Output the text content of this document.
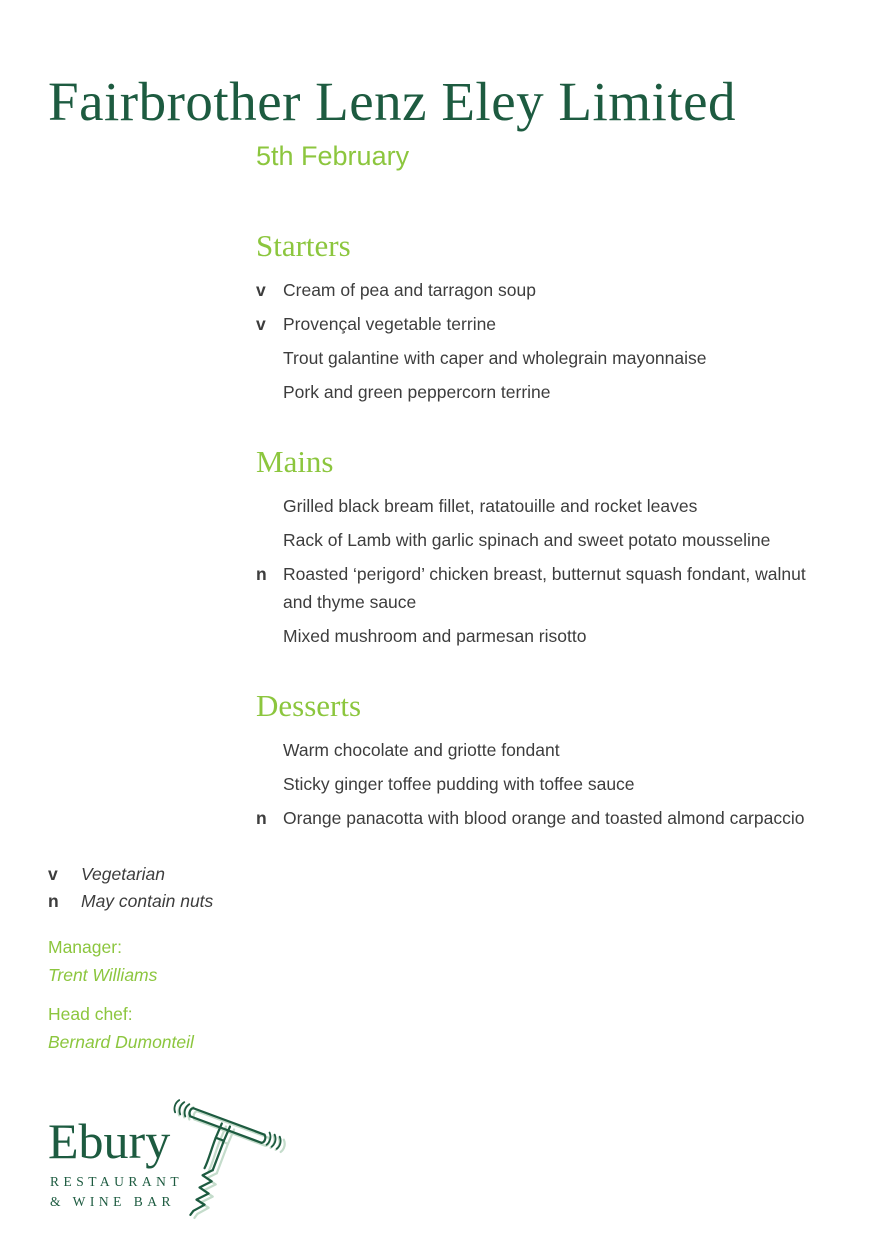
Fairbrother Lenz Eley Limited
5th February
Starters
v Cream of pea and tarragon soup
v Provençal vegetable terrine
Trout galantine with caper and wholegrain mayonnaise
Pork and green peppercorn terrine
Mains
Grilled black bream fillet, ratatouille and rocket leaves
Rack of Lamb with garlic spinach and sweet potato mousseline
n Roasted ‘perigord’ chicken breast, butternut squash fondant, walnut and thyme sauce
Mixed mushroom and parmesan risotto
Desserts
Warm chocolate and griotte fondant
Sticky ginger toffee pudding with toffee sauce
n Orange panacotta with blood orange and toasted almond carpaccio
v	Vegetarian
n	May contain nuts
Manager:
Trent Williams
Head chef:
Bernard Dumonteil
Ebury
RESTAURANT
& WINE BAR
